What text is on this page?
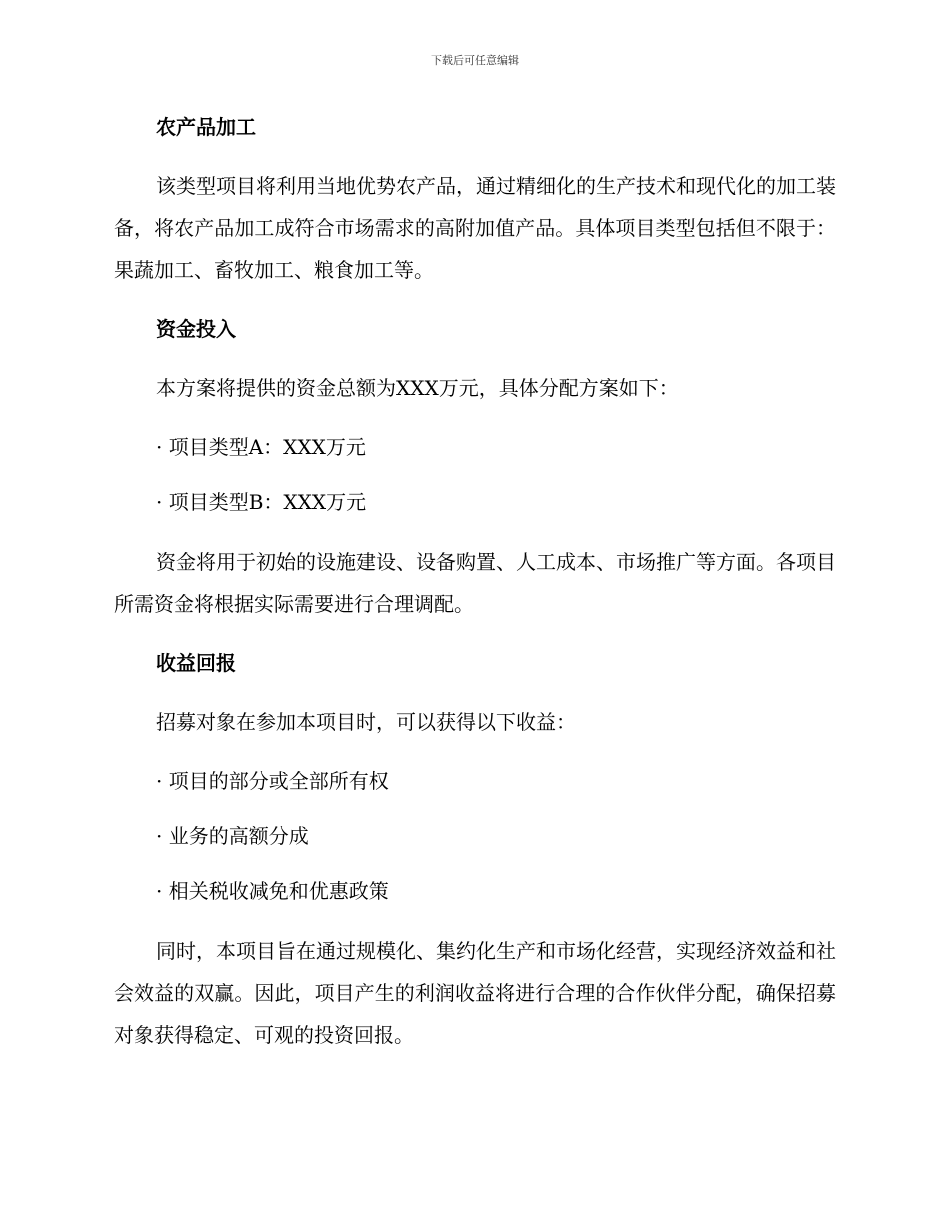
下载后可任意编辑
农产品加工

该类型项目将利用当地优势农产品，通过精细化的生产技术和现代化的加工装备，将农产品加工成符合市场需求的高附加值产品。具体项目类型包括但不限于：果蔬加工、畜牧加工、粮食加工等。

资金投入

本方案将提供的资金总额为XXX万元，具体分配方案如下：

· 项目类型A：XXX万元
· 项目类型B：XXX万元

资金将用于初始的设施建设、设备购置、人工成本、市场推广等方面。各项目所需资金将根据实际需要进行合理调配。

收益回报

招募对象在参加本项目时，可以获得以下收益：

· 项目的部分或全部所有权
· 业务的高额分成
· 相关税收减免和优惠政策

同时，本项目旨在通过规模化、集约化生产和市场化经营，实现经济效益和社会效益的双赢。因此，项目产生的利润收益将进行合理的合作伙伴分配，确保招募对象获得稳定、可观的投资回报。
